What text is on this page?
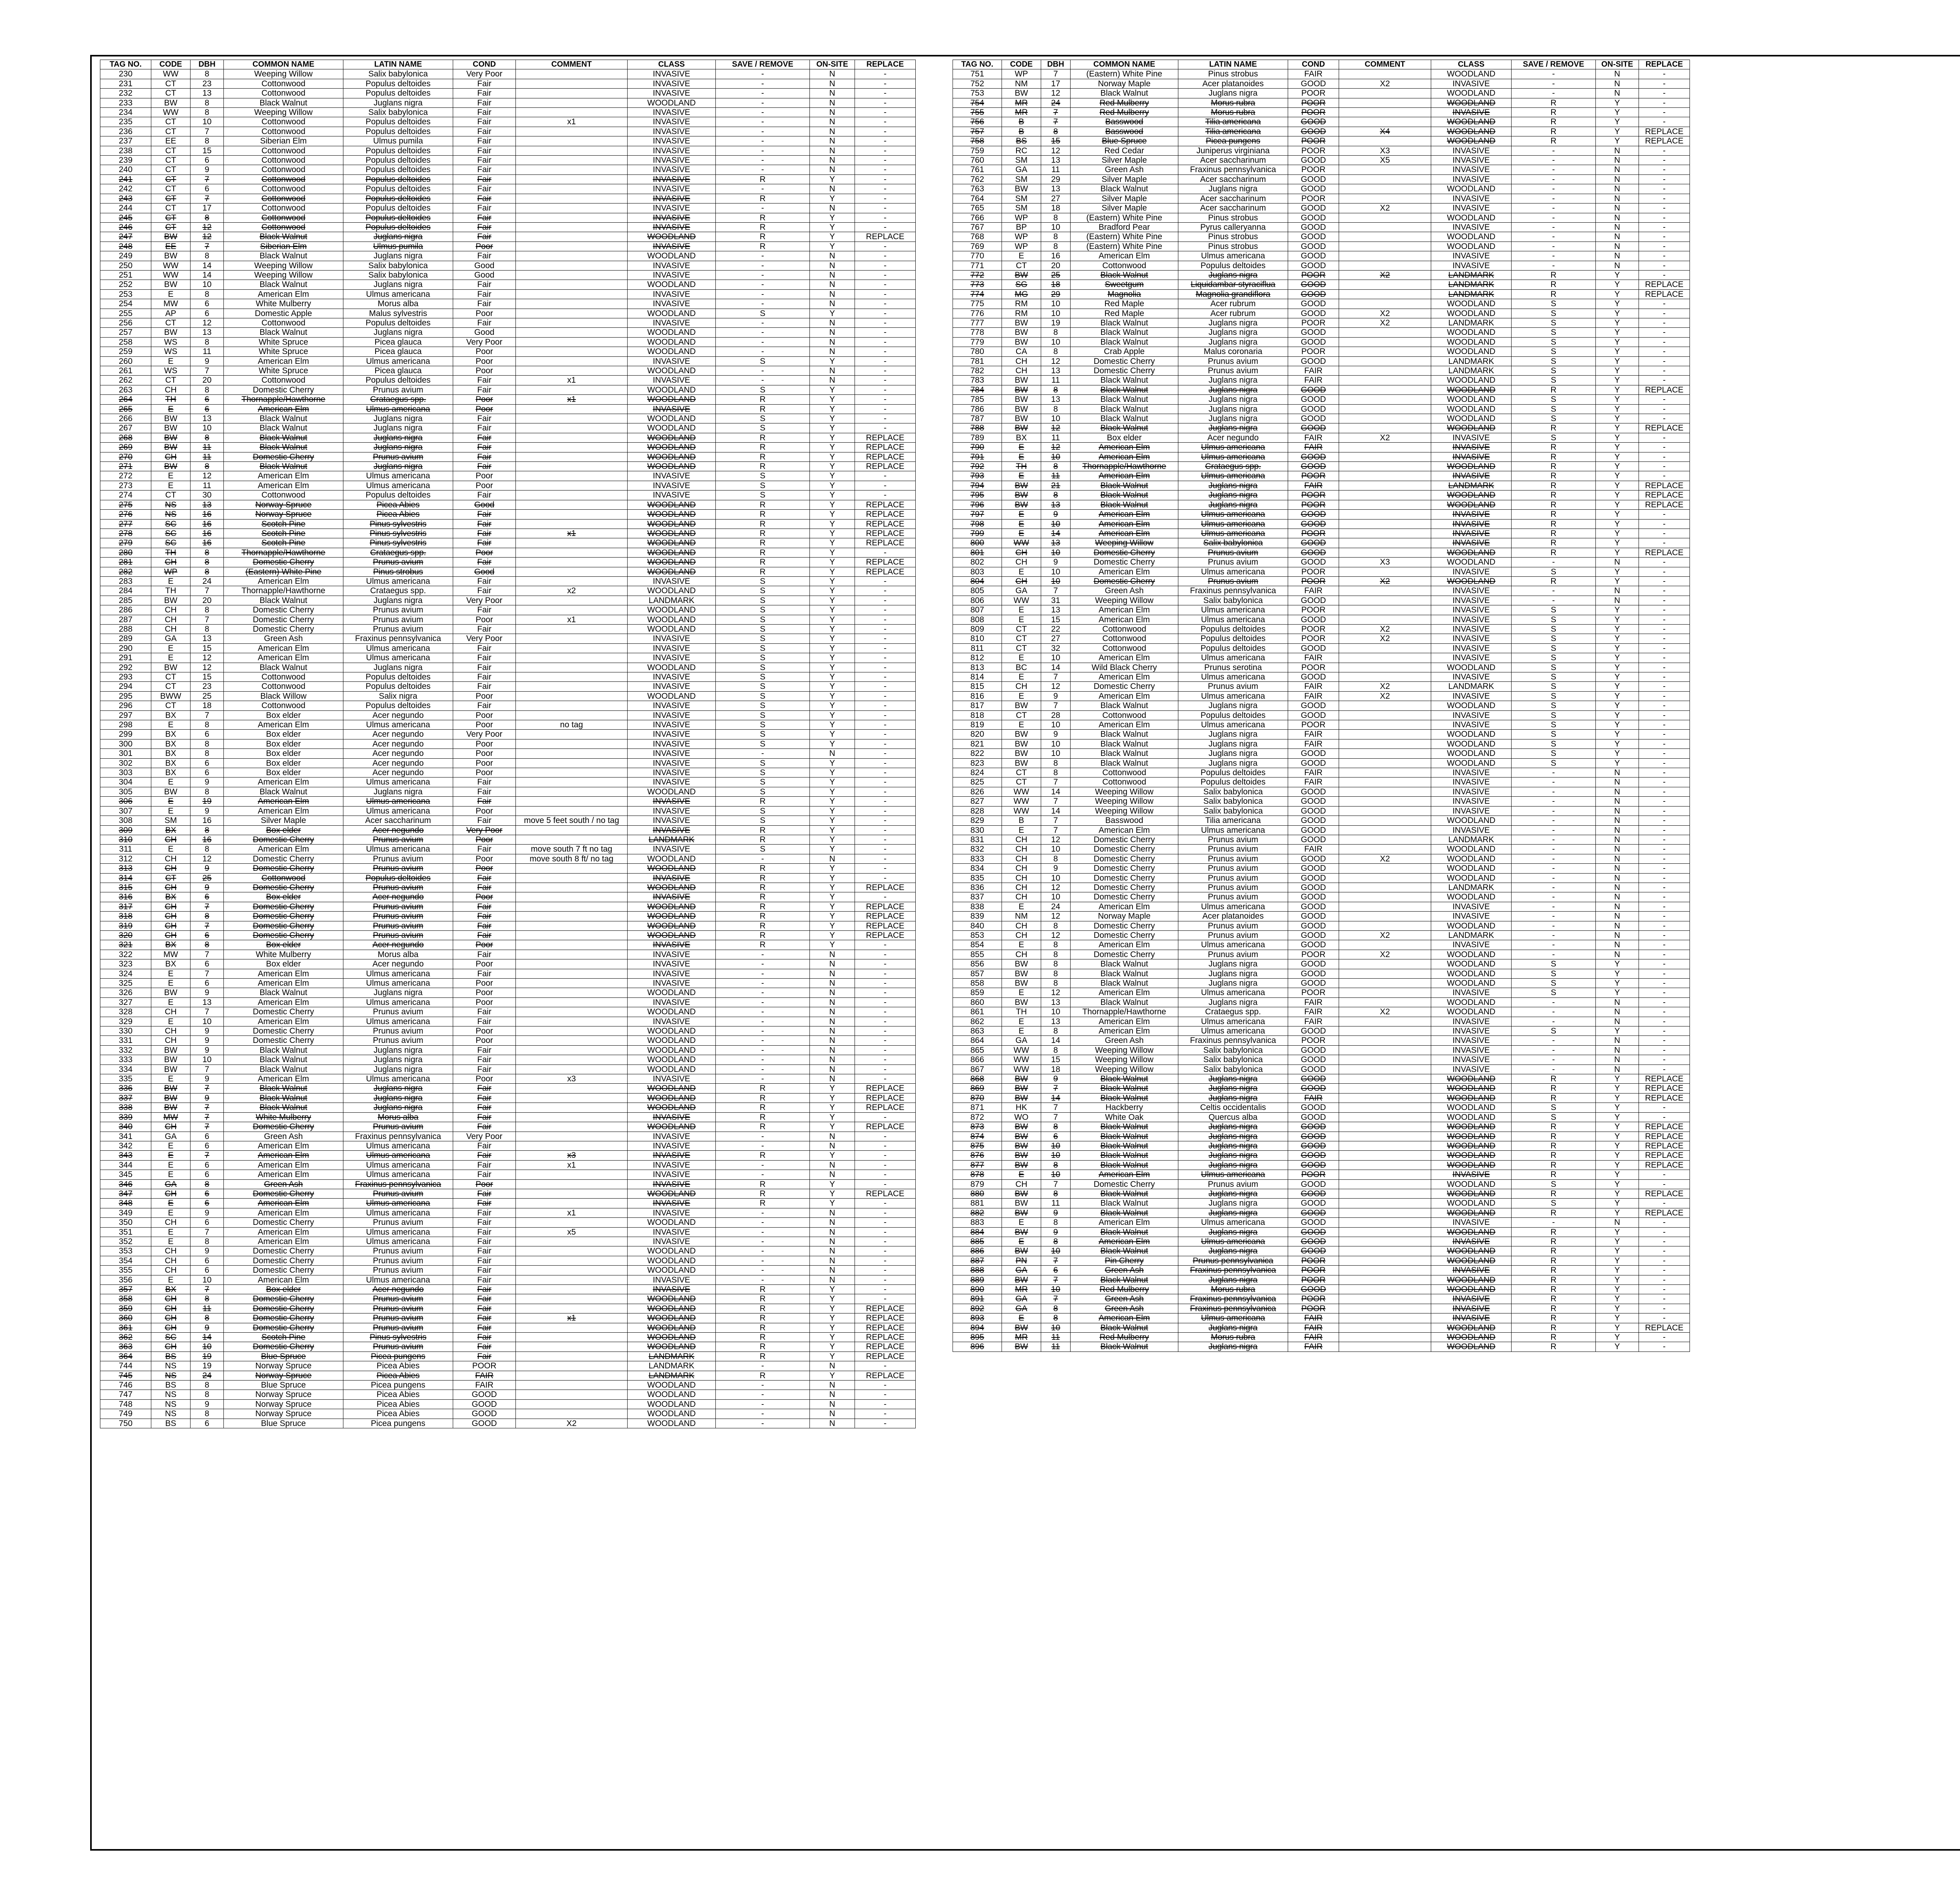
TAG NO.	CODE	DBH	COMMON NAME	LATIN NAME	COND	COMMENT	CLASS	SAVE / REMOVE	ON-SITE	REPLACE
230	WW	8	Weeping Willow	Salix babylonica	Very Poor		INVASIVE	-	N	-
231	CT	23	Cottonwood	Populus deltoides	Fair		INVASIVE	-	N	-
232	CT	13	Cottonwood	Populus deltoides	Fair		INVASIVE	-	N	-
233	BW	8	Black Walnut	Juglans nigra	Fair		WOODLAND	-	N	-
234	WW	8	Weeping Willow	Salix babylonica	Fair		INVASIVE	-	N	-
235	CT	10	Cottonwood	Populus deltoides	Fair	x1	INVASIVE	-	N	-
236	CT	7	Cottonwood	Populus deltoides	Fair		INVASIVE	-	N	-
237	EE	8	Siberian Elm	Ulmus pumila	Fair		INVASIVE	-	N	-
238	CT	15	Cottonwood	Populus deltoides	Fair		INVASIVE	-	N	-
239	CT	6	Cottonwood	Populus deltoides	Fair		INVASIVE	-	N	-
240	CT	9	Cottonwood	Populus deltoides	Fair		INVASIVE	-	N	-
241	CT	7	Cottonwood	Populus deltoides	Fair		INVASIVE	R	Y	-
242	CT	6	Cottonwood	Populus deltoides	Fair		INVASIVE	-	N	-
243	CT	7	Cottonwood	Populus deltoides	Fair		INVASIVE	R	Y	-
244	CT	17	Cottonwood	Populus deltoides	Fair		INVASIVE	-	N	-
245	CT	8	Cottonwood	Populus deltoides	Fair		INVASIVE	R	Y	-
246	CT	12	Cottonwood	Populus deltoides	Fair		INVASIVE	R	Y	-
247	BW	12	Black Walnut	Juglans nigra	Fair		WOODLAND	R	Y	REPLACE
248	EE	7	Siberian Elm	Ulmus pumila	Poor		INVASIVE	R	Y	-
249	BW	8	Black Walnut	Juglans nigra	Fair		WOODLAND	-	N	-
250	WW	14	Weeping Willow	Salix babylonica	Good		INVASIVE	-	N	-
251	WW	14	Weeping Willow	Salix babylonica	Good		INVASIVE	-	N	-
252	BW	10	Black Walnut	Juglans nigra	Fair		WOODLAND	-	N	-
253	E	8	American Elm	Ulmus americana	Fair		INVASIVE	-	N	-
254	MW	6	White Mulberry	Morus alba	Fair		INVASIVE	-	N	-
255	AP	6	Domestic Apple	Malus sylvestris	Poor		WOODLAND	S	Y	-
256	CT	12	Cottonwood	Populus deltoides	Fair		INVASIVE	-	N	-
257	BW	13	Black Walnut	Juglans nigra	Good		WOODLAND	-	N	-
258	WS	8	White Spruce	Picea glauca	Very Poor		WOODLAND	-	N	-
259	WS	11	White Spruce	Picea glauca	Poor		WOODLAND	-	N	-
260	E	9	American Elm	Ulmus americana	Poor		INVASIVE	S	Y	-
261	WS	7	White Spruce	Picea glauca	Poor		WOODLAND	-	N	-
262	CT	20	Cottonwood	Populus deltoides	Fair	x1	INVASIVE	-	N	-
263	CH	8	Domestic Cherry	Prunus avium	Fair		WOODLAND	S	Y	-
264	TH	6	Thornapple/Hawthorne	Crataegus spp.	Poor	x1	WOODLAND	R	Y	-
265	E	6	American Elm	Ulmus americana	Poor		INVASIVE	R	Y	-
266	BW	13	Black Walnut	Juglans nigra	Fair		WOODLAND	S	Y	-
267	BW	10	Black Walnut	Juglans nigra	Fair		WOODLAND	S	Y	-
268	BW	8	Black Walnut	Juglans nigra	Fair		WOODLAND	R	Y	REPLACE
269	BW	11	Black Walnut	Juglans nigra	Fair		WOODLAND	R	Y	REPLACE
270	CH	11	Domestic Cherry	Prunus avium	Fair		WOODLAND	R	Y	REPLACE
271	BW	8	Black Walnut	Juglans nigra	Fair		WOODLAND	R	Y	REPLACE
272	E	12	American Elm	Ulmus americana	Poor		INVASIVE	S	Y	-
273	E	11	American Elm	Ulmus americana	Poor		INVASIVE	S	Y	-
274	CT	30	Cottonwood	Populus deltoides	Fair		INVASIVE	S	Y	-
275	NS	13	Norway Spruce	Picea Abies	Good		WOODLAND	R	Y	REPLACE
276	NS	16	Norway Spruce	Picea Abies	Fair		WOODLAND	R	Y	REPLACE
277	SC	16	Scotch Pine	Pinus sylvestris	Fair		WOODLAND	R	Y	REPLACE
278	SC	16	Scotch Pine	Pinus sylvestris	Fair	x1	WOODLAND	R	Y	REPLACE
279	SC	16	Scotch Pine	Pinus sylvestris	Fair		WOODLAND	R	Y	REPLACE
280	TH	8	Thornapple/Hawthorne	Crataegus spp.	Poor		WOODLAND	R	Y	-
281	CH	8	Domestic Cherry	Prunus avium	Fair		WOODLAND	R	Y	REPLACE
282	WP	8	(Eastern) White Pine	Pinus strobus	Good		WOODLAND	R	Y	REPLACE
283	E	24	American Elm	Ulmus americana	Fair		INVASIVE	S	Y	-
284	TH	7	Thornapple/Hawthorne	Crataegus spp.	Fair	x2	WOODLAND	S	Y	-
285	BW	20	Black Walnut	Juglans nigra	Very Poor		LANDMARK	S	Y	-
286	CH	8	Domestic Cherry	Prunus avium	Fair		WOODLAND	S	Y	-
287	CH	7	Domestic Cherry	Prunus avium	Poor	x1	WOODLAND	S	Y	-
288	CH	8	Domestic Cherry	Prunus avium	Fair		WOODLAND	S	Y	-
289	GA	13	Green Ash	Fraxinus pennsylvanica	Very Poor		INVASIVE	S	Y	-
290	E	15	American Elm	Ulmus americana	Fair		INVASIVE	S	Y	-
291	E	12	American Elm	Ulmus americana	Fair		INVASIVE	S	Y	-
292	BW	12	Black Walnut	Juglans nigra	Fair		WOODLAND	S	Y	-
293	CT	15	Cottonwood	Populus deltoides	Fair		INVASIVE	S	Y	-
294	CT	23	Cottonwood	Populus deltoides	Fair		INVASIVE	S	Y	-
295	BWW	25	Black Willow	Salix nigra	Poor		WOODLAND	S	Y	-
296	CT	18	Cottonwood	Populus deltoides	Fair		INVASIVE	S	Y	-
297	BX	7	Box elder	Acer negundo	Poor		INVASIVE	S	Y	-
298	E	8	American Elm	Ulmus americana	Poor	no tag	INVASIVE	S	Y	-
299	BX	6	Box elder	Acer negundo	Very Poor		INVASIVE	S	Y	-
300	BX	8	Box elder	Acer negundo	Poor		INVASIVE	S	Y	-
301	BX	8	Box elder	Acer negundo	Poor		INVASIVE	-	N	-
302	BX	6	Box elder	Acer negundo	Poor		INVASIVE	S	Y	-
303	BX	6	Box elder	Acer negundo	Poor		INVASIVE	S	Y	-
304	E	9	American Elm	Ulmus americana	Fair		INVASIVE	S	Y	-
305	BW	8	Black Walnut	Juglans nigra	Fair		WOODLAND	S	Y	-
306	E	19	American Elm	Ulmus americana	Fair		INVASIVE	R	Y	-
307	E	9	American Elm	Ulmus americana	Poor		INVASIVE	S	Y	-
308	SM	16	Silver Maple	Acer saccharinum	Fair	move 5 feet south / no tag	INVASIVE	S	Y	-
309	BX	8	Box elder	Acer negundo	Very Poor		INVASIVE	R	Y	-
310	CH	16	Domestic Cherry	Prunus avium	Poor		LANDMARK	R	Y	-
311	E	8	American Elm	Ulmus americana	Fair	move south 7 ft no tag	INVASIVE	S	Y	-
312	CH	12	Domestic Cherry	Prunus avium	Poor	move south 8 ft/ no tag	WOODLAND	-	N	-
313	CH	9	Domestic Cherry	Prunus avium	Poor		WOODLAND	R	Y	-
314	CT	25	Cottonwood	Populus deltoides	Fair		INVASIVE	R	Y	-
315	CH	9	Domestic Cherry	Prunus avium	Fair		WOODLAND	R	Y	REPLACE
316	BX	6	Box elder	Acer negundo	Poor		INVASIVE	R	Y	-
317	CH	7	Domestic Cherry	Prunus avium	Fair		WOODLAND	R	Y	REPLACE
318	CH	8	Domestic Cherry	Prunus avium	Fair		WOODLAND	R	Y	REPLACE
319	CH	7	Domestic Cherry	Prunus avium	Fair		WOODLAND	R	Y	REPLACE
320	CH	6	Domestic Cherry	Prunus avium	Fair		WOODLAND	R	Y	REPLACE
321	BX	8	Box elder	Acer negundo	Poor		INVASIVE	R	Y	-
322	MW	7	White Mulberry	Morus alba	Fair		INVASIVE	-	N	-
323	BX	6	Box elder	Acer negundo	Poor		INVASIVE	-	N	-
324	E	7	American Elm	Ulmus americana	Fair		INVASIVE	-	N	-
325	E	6	American Elm	Ulmus americana	Poor		INVASIVE	-	N	-
326	BW	9	Black Walnut	Juglans nigra	Poor		WOODLAND	-	N	-
327	E	13	American Elm	Ulmus americana	Poor		INVASIVE	-	N	-
328	CH	7	Domestic Cherry	Prunus avium	Fair		WOODLAND	-	N	-
329	E	10	American Elm	Ulmus americana	Fair		INVASIVE	-	N	-
330	CH	9	Domestic Cherry	Prunus avium	Poor		WOODLAND	-	N	-
331	CH	9	Domestic Cherry	Prunus avium	Poor		WOODLAND	-	N	-
332	BW	9	Black Walnut	Juglans nigra	Fair		WOODLAND	-	N	-
333	BW	10	Black Walnut	Juglans nigra	Fair		WOODLAND	-	N	-
334	BW	7	Black Walnut	Juglans nigra	Fair		WOODLAND	-	N	-
335	E	9	American Elm	Ulmus americana	Poor	x3	INVASIVE	-	N	-
336	BW	7	Black Walnut	Juglans nigra	Fair		WOODLAND	R	Y	REPLACE
337	BW	9	Black Walnut	Juglans nigra	Fair		WOODLAND	R	Y	REPLACE
338	BW	7	Black Walnut	Juglans nigra	Fair		WOODLAND	R	Y	REPLACE
339	MW	7	White Mulberry	Morus alba	Fair		INVASIVE	R	Y	-
340	CH	7	Domestic Cherry	Prunus avium	Fair		WOODLAND	R	Y	REPLACE
341	GA	6	Green Ash	Fraxinus pennsylvanica	Very Poor		INVASIVE	-	N	-
342	E	6	American Elm	Ulmus americana	Fair		INVASIVE	-	N	-
343	E	7	American Elm	Ulmus americana	Fair	x3	INVASIVE	R	Y	-
344	E	6	American Elm	Ulmus americana	Fair	x1	INVASIVE	-	N	-
345	E	6	American Elm	Ulmus americana	Fair		INVASIVE	-	N	-
346	GA	8	Green Ash	Fraxinus pennsylvanica	Poor		INVASIVE	R	Y	-
347	CH	6	Domestic Cherry	Prunus avium	Fair		WOODLAND	R	Y	REPLACE
348	E	6	American Elm	Ulmus americana	Fair		INVASIVE	R	Y	-
349	E	9	American Elm	Ulmus americana	Fair	x1	INVASIVE	-	N	-
350	CH	6	Domestic Cherry	Prunus avium	Fair		WOODLAND	-	N	-
351	E	7	American Elm	Ulmus americana	Fair	x5	INVASIVE	-	N	-
352	E	8	American Elm	Ulmus americana	Fair		INVASIVE	-	N	-
353	CH	9	Domestic Cherry	Prunus avium	Fair		WOODLAND	-	N	-
354	CH	6	Domestic Cherry	Prunus avium	Fair		WOODLAND	-	N	-
355	CH	6	Domestic Cherry	Prunus avium	Fair		WOODLAND	-	N	-
356	E	10	American Elm	Ulmus americana	Fair		INVASIVE	-	N	-
357	BX	7	Box elder	Acer negundo	Fair		INVASIVE	R	Y	-
358	CH	8	Domestic Cherry	Prunus avium	Fair		WOODLAND	R	Y	-
359	CH	11	Domestic Cherry	Prunus avium	Fair		WOODLAND	R	Y	REPLACE
360	CH	8	Domestic Cherry	Prunus avium	Fair	x1	WOODLAND	R	Y	REPLACE
361	CH	9	Domestic Cherry	Prunus avium	Fair		WOODLAND	R	Y	REPLACE
362	SC	14	Scotch Pine	Pinus sylvestris	Fair		WOODLAND	R	Y	REPLACE
363	CH	10	Domestic Cherry	Prunus avium	Fair		WOODLAND	R	Y	REPLACE
364	BS	19	Blue Spruce	Picea pungens	Fair		LANDMARK	R	Y	REPLACE
744	NS	19	Norway Spruce	Picea Abies	POOR		LANDMARK	-	N	-
745	NS	24	Norway Spruce	Picea Abies	FAIR		LANDMARK	R	Y	REPLACE
746	BS	8	Blue Spruce	Picea pungens	FAIR		WOODLAND	-	N	-
747	NS	8	Norway Spruce	Picea Abies	GOOD		WOODLAND	-	N	-
748	NS	9	Norway Spruce	Picea Abies	GOOD		WOODLAND	-	N	-
749	NS	8	Norway Spruce	Picea Abies	GOOD		WOODLAND	-	N	-
750	BS	6	Blue Spruce	Picea pungens	GOOD	X2	WOODLAND	-	N	-
TAG NO.	CODE	DBH	COMMON NAME	LATIN NAME	COND	COMMENT	CLASS	SAVE / REMOVE	ON-SITE	REPLACE
751	WP	7	(Eastern) White Pine	Pinus strobus	FAIR		WOODLAND	-	N	-
752	NM	17	Norway Maple	Acer platanoides	GOOD	X2	INVASIVE	-	N	-
753	BW	12	Black Walnut	Juglans nigra	POOR		WOODLAND	-	N	-
754	MR	24	Red Mulberry	Morus rubra	POOR		WOODLAND	R	Y	-
755	MR	7	Red Mulberry	Morus rubra	POOR		INVASIVE	R	Y	-
756	B	7	Basswood	Tilia americana	GOOD		WOODLAND	R	Y	-
757	B	8	Basswood	Tilia americana	GOOD	X4	WOODLAND	R	Y	REPLACE
758	BS	15	Blue Spruce	Picea pungens	POOR		WOODLAND	R	Y	REPLACE
759	RC	12	Red Cedar	Juniperus virginiana	POOR	X3	INVASIVE	-	N	-
760	SM	13	Silver Maple	Acer saccharinum	GOOD	X5	INVASIVE	-	N	-
761	GA	11	Green Ash	Fraxinus pennsylvanica	POOR		INVASIVE	-	N	-
762	SM	29	Silver Maple	Acer saccharinum	GOOD		INVASIVE	-	N	-
763	BW	13	Black Walnut	Juglans nigra	GOOD		WOODLAND	-	N	-
764	SM	27	Silver Maple	Acer saccharinum	POOR		INVASIVE	-	N	-
765	SM	18	Silver Maple	Acer saccharinum	GOOD	X2	INVASIVE	-	N	-
766	WP	8	(Eastern) White Pine	Pinus strobus	GOOD		WOODLAND	-	N	-
767	BP	10	Bradford Pear	Pyrus calleryanna	GOOD		INVASIVE	-	N	-
768	WP	8	(Eastern) White Pine	Pinus strobus	GOOD		WOODLAND	-	N	-
769	WP	8	(Eastern) White Pine	Pinus strobus	GOOD		WOODLAND	-	N	-
770	E	16	American Elm	Ulmus americana	GOOD		INVASIVE	-	N	-
771	CT	20	Cottonwood	Populus deltoides	GOOD		INVASIVE	-	N	-
772	BW	25	Black Walnut	Juglans nigra	POOR	X2	LANDMARK	R	Y	-
773	SG	18	Sweetgum	Liquidambar styraciflua	GOOD		LANDMARK	R	Y	REPLACE
774	MG	29	Magnolia	Magnolia grandiflora	GOOD		LANDMARK	R	Y	REPLACE
775	RM	10	Red Maple	Acer rubrum	GOOD		WOODLAND	S	Y	-
776	RM	10	Red Maple	Acer rubrum	GOOD	X2	WOODLAND	S	Y	-
777	BW	19	Black Walnut	Juglans nigra	POOR	X2	LANDMARK	S	Y	-
778	BW	8	Black Walnut	Juglans nigra	GOOD		WOODLAND	S	Y	-
779	BW	10	Black Walnut	Juglans nigra	GOOD		WOODLAND	S	Y	-
780	CA	8	Crab Apple	Malus coronaria	POOR		WOODLAND	S	Y	-
781	CH	12	Domestic Cherry	Prunus avium	GOOD		LANDMARK	S	Y	-
782	CH	13	Domestic Cherry	Prunus avium	FAIR		LANDMARK	S	Y	-
783	BW	11	Black Walnut	Juglans nigra	FAIR		WOODLAND	S	Y	-
784	BW	8	Black Walnut	Juglans nigra	GOOD		WOODLAND	R	Y	REPLACE
785	BW	13	Black Walnut	Juglans nigra	GOOD		WOODLAND	S	Y	-
786	BW	8	Black Walnut	Juglans nigra	GOOD		WOODLAND	S	Y	-
787	BW	10	Black Walnut	Juglans nigra	GOOD		WOODLAND	S	Y	-
788	BW	12	Black Walnut	Juglans nigra	GOOD		WOODLAND	R	Y	REPLACE
789	BX	11	Box elder	Acer negundo	FAIR	X2	INVASIVE	S	Y	-
790	E	12	American Elm	Ulmus americana	FAIR		INVASIVE	R	Y	-
791	E	10	American Elm	Ulmus americana	GOOD		INVASIVE	R	Y	-
792	TH	8	Thornapple/Hawthorne	Crataegus spp.	GOOD		WOODLAND	R	Y	-
793	E	11	American Elm	Ulmus americana	POOR		INVASIVE	R	Y	-
794	BW	21	Black Walnut	Juglans nigra	FAIR		LANDMARK	R	Y	REPLACE
795	BW	8	Black Walnut	Juglans nigra	POOR		WOODLAND	R	Y	REPLACE
796	BW	13	Black Walnut	Juglans nigra	POOR		WOODLAND	R	Y	REPLACE
797	E	9	American Elm	Ulmus americana	GOOD		INVASIVE	R	Y	-
798	E	10	American Elm	Ulmus americana	GOOD		INVASIVE	R	Y	-
799	E	14	American Elm	Ulmus americana	POOR		INVASIVE	R	Y	-
800	WW	13	Weeping Willow	Salix babylonica	GOOD		INVASIVE	R	Y	-
801	CH	10	Domestic Cherry	Prunus avium	GOOD		WOODLAND	R	Y	REPLACE
802	CH	9	Domestic Cherry	Prunus avium	GOOD	X3	WOODLAND	-	N	-
803	E	10	American Elm	Ulmus americana	POOR		INVASIVE	S	Y	-
804	CH	10	Domestic Cherry	Prunus avium	POOR	X2	WOODLAND	R	Y	-
805	GA	7	Green Ash	Fraxinus pennsylvanica	FAIR		INVASIVE	-	N	-
806	WW	31	Weeping Willow	Salix babylonica	GOOD		INVASIVE	-	N	-
807	E	13	American Elm	Ulmus americana	POOR		INVASIVE	S	Y	-
808	E	15	American Elm	Ulmus americana	GOOD		INVASIVE	S	Y	-
809	CT	22	Cottonwood	Populus deltoides	POOR	X2	INVASIVE	S	Y	-
810	CT	27	Cottonwood	Populus deltoides	POOR	X2	INVASIVE	S	Y	-
811	CT	32	Cottonwood	Populus deltoides	GOOD		INVASIVE	S	Y	-
812	E	10	American Elm	Ulmus americana	FAIR		INVASIVE	S	Y	-
813	BC	14	Wild Black Cherry	Prunus serotina	POOR		WOODLAND	S	Y	-
814	E	7	American Elm	Ulmus americana	GOOD		INVASIVE	S	Y	-
815	CH	12	Domestic Cherry	Prunus avium	FAIR	X2	LANDMARK	S	Y	-
816	E	9	American Elm	Ulmus americana	FAIR	X2	INVASIVE	S	Y	-
817	BW	7	Black Walnut	Juglans nigra	GOOD		WOODLAND	S	Y	-
818	CT	28	Cottonwood	Populus deltoides	GOOD		INVASIVE	S	Y	-
819	E	10	American Elm	Ulmus americana	POOR		INVASIVE	S	Y	-
820	BW	9	Black Walnut	Juglans nigra	FAIR		WOODLAND	S	Y	-
821	BW	10	Black Walnut	Juglans nigra	FAIR		WOODLAND	S	Y	-
822	BW	10	Black Walnut	Juglans nigra	GOOD		WOODLAND	S	Y	-
823	BW	8	Black Walnut	Juglans nigra	GOOD		WOODLAND	S	Y	-
824	CT	8	Cottonwood	Populus deltoides	FAIR		INVASIVE	-	N	-
825	CT	7	Cottonwood	Populus deltoides	FAIR		INVASIVE	-	N	-
826	WW	14	Weeping Willow	Salix babylonica	GOOD		INVASIVE	-	N	-
827	WW	7	Weeping Willow	Salix babylonica	GOOD		INVASIVE	-	N	-
828	WW	14	Weeping Willow	Salix babylonica	GOOD		INVASIVE	-	N	-
829	B	7	Basswood	Tilia americana	GOOD		WOODLAND	-	N	-
830	E	7	American Elm	Ulmus americana	GOOD		INVASIVE	-	N	-
831	CH	12	Domestic Cherry	Prunus avium	GOOD		LANDMARK	-	N	-
832	CH	10	Domestic Cherry	Prunus avium	FAIR		WOODLAND	-	N	-
833	CH	8	Domestic Cherry	Prunus avium	GOOD	X2	WOODLAND	-	N	-
834	CH	9	Domestic Cherry	Prunus avium	GOOD		WOODLAND	-	N	-
835	CH	10	Domestic Cherry	Prunus avium	GOOD		WOODLAND	-	N	-
836	CH	12	Domestic Cherry	Prunus avium	GOOD		LANDMARK	-	N	-
837	CH	10	Domestic Cherry	Prunus avium	GOOD		WOODLAND	-	N	-
838	E	24	American Elm	Ulmus americana	GOOD		INVASIVE	-	N	-
839	NM	12	Norway Maple	Acer platanoides	GOOD		INVASIVE	-	N	-
840	CH	8	Domestic Cherry	Prunus avium	GOOD		WOODLAND	-	N	-
853	CH	12	Domestic Cherry	Prunus avium	GOOD	X2	LANDMARK	-	N	-
854	E	8	American Elm	Ulmus americana	GOOD		INVASIVE	-	N	-
855	CH	8	Domestic Cherry	Prunus avium	POOR	X2	WOODLAND	-	N	-
856	BW	8	Black Walnut	Juglans nigra	GOOD		WOODLAND	S	Y	-
857	BW	8	Black Walnut	Juglans nigra	GOOD		WOODLAND	S	Y	-
858	BW	8	Black Walnut	Juglans nigra	GOOD		WOODLAND	S	Y	-
859	E	12	American Elm	Ulmus americana	POOR		INVASIVE	S	Y	-
860	BW	13	Black Walnut	Juglans nigra	FAIR		WOODLAND	-	N	-
861	TH	10	Thornapple/Hawthorne	Crataegus spp.	FAIR	X2	WOODLAND	-	N	-
862	E	13	American Elm	Ulmus americana	FAIR		INVASIVE	-	N	-
863	E	8	American Elm	Ulmus americana	GOOD		INVASIVE	S	Y	-
864	GA	14	Green Ash	Fraxinus pennsylvanica	POOR		INVASIVE	-	N	-
865	WW	8	Weeping Willow	Salix babylonica	GOOD		INVASIVE	-	N	-
866	WW	15	Weeping Willow	Salix babylonica	GOOD		INVASIVE	-	N	-
867	WW	18	Weeping Willow	Salix babylonica	GOOD		INVASIVE	-	N	-
868	BW	9	Black Walnut	Juglans nigra	GOOD		WOODLAND	R	Y	REPLACE
869	BW	7	Black Walnut	Juglans nigra	GOOD		WOODLAND	R	Y	REPLACE
870	BW	14	Black Walnut	Juglans nigra	FAIR		WOODLAND	R	Y	REPLACE
871	HK	7	Hackberry	Celtis occidentalis	GOOD		WOODLAND	S	Y	-
872	WO	7	White Oak	Quercus alba	GOOD		WOODLAND	S	Y	-
873	BW	8	Black Walnut	Juglans nigra	GOOD		WOODLAND	R	Y	REPLACE
874	BW	6	Black Walnut	Juglans nigra	GOOD		WOODLAND	R	Y	REPLACE
875	BW	10	Black Walnut	Juglans nigra	GOOD		WOODLAND	R	Y	REPLACE
876	BW	10	Black Walnut	Juglans nigra	GOOD		WOODLAND	R	Y	REPLACE
877	BW	8	Black Walnut	Juglans nigra	GOOD		WOODLAND	R	Y	REPLACE
878	E	10	American Elm	Ulmus americana	POOR		INVASIVE	R	Y	-
879	CH	7	Domestic Cherry	Prunus avium	GOOD		WOODLAND	S	Y	-
880	BW	8	Black Walnut	Juglans nigra	GOOD		WOODLAND	R	Y	REPLACE
881	BW	11	Black Walnut	Juglans nigra	GOOD		WOODLAND	S	Y	-
882	BW	9	Black Walnut	Juglans nigra	GOOD		WOODLAND	R	Y	REPLACE
883	E	8	American Elm	Ulmus americana	GOOD		INVASIVE	-	N	-
884	BW	9	Black Walnut	Juglans nigra	GOOD		WOODLAND	R	Y	-
885	E	8	American Elm	Ulmus americana	GOOD		INVASIVE	R	Y	-
886	BW	10	Black Walnut	Juglans nigra	GOOD		WOODLAND	R	Y	-
887	PN	7	Pin Cherry	Prunus pennsylvanica	POOR		WOODLAND	R	Y	-
888	GA	6	Green Ash	Fraxinus pennsylvanica	POOR		INVASIVE	R	Y	-
889	BW	7	Black Walnut	Juglans nigra	POOR		WOODLAND	R	Y	-
890	MR	10	Red Mulberry	Morus rubra	GOOD		WOODLAND	R	Y	-
891	GA	7	Green Ash	Fraxinus pennsylvanica	POOR		INVASIVE	R	Y	-
892	GA	8	Green Ash	Fraxinus pennsylvanica	POOR		INVASIVE	R	Y	-
893	E	8	American Elm	Ulmus americana	FAIR		INVASIVE	R	Y	-
894	BW	10	Black Walnut	Juglans nigra	FAIR		WOODLAND	R	Y	REPLACE
895	MR	11	Red Mulberry	Morus rubra	FAIR		WOODLAND	R	Y	-
896	BW	11	Black Walnut	Juglans nigra	FAIR		WOODLAND	R	Y	-
